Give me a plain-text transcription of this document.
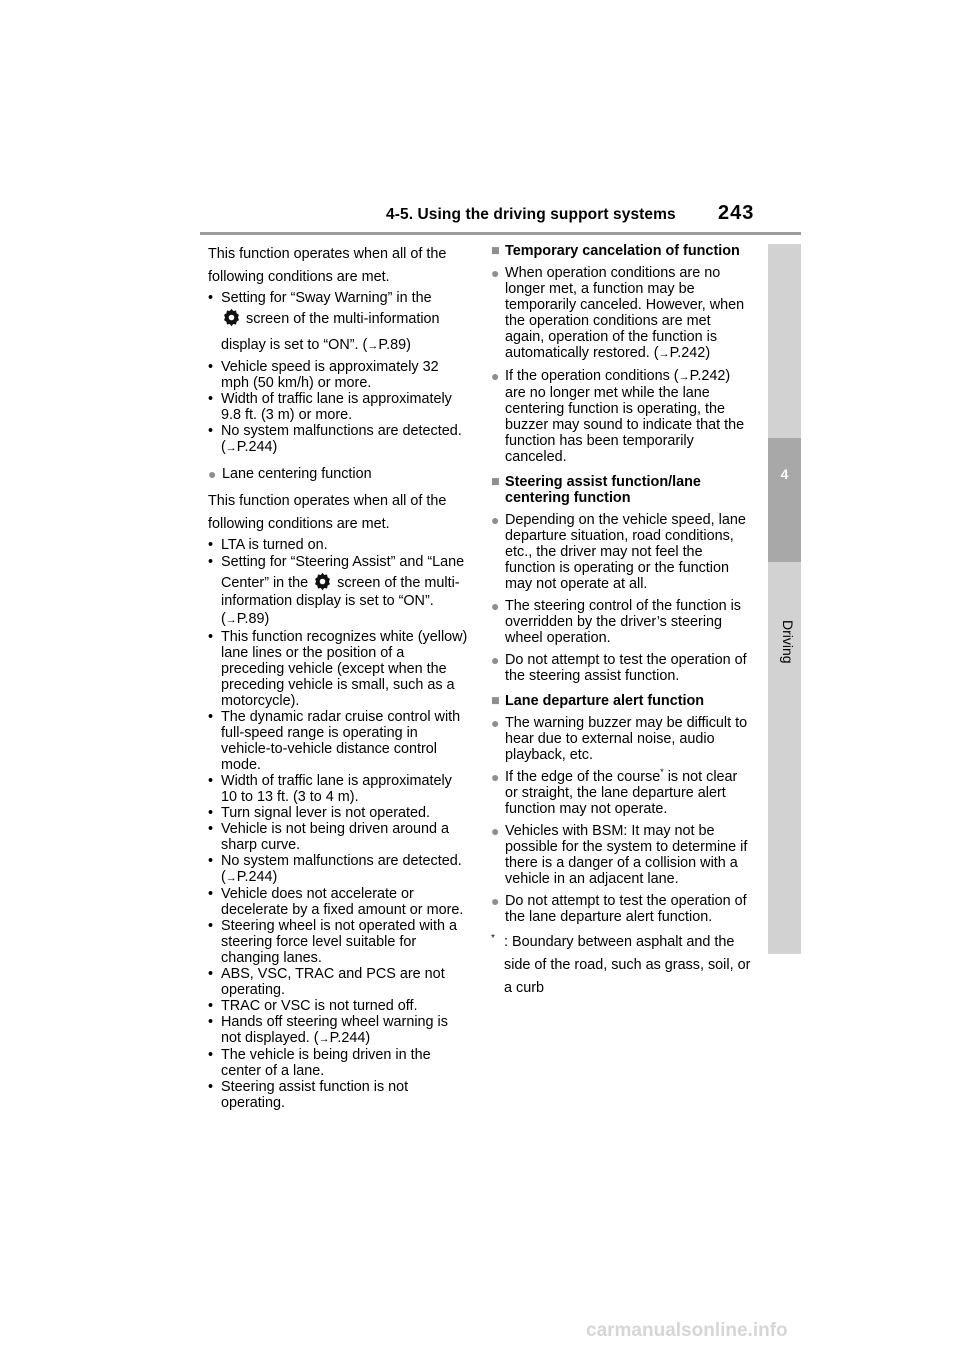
4-5. Using the driving support systems 243
4
Driving

This function operates when all of the following conditions are met.

• Setting for “Sway Warning” in the
screen of the multi-information display is set to “ON”. (→P.89)
• Vehicle speed is approximately 32 mph (50 km/h) or more.
• Width of traffic lane is approximately 9.8 ft. (3 m) or more.
• No system malfunctions are detected. (→P.244)
● Lane centering function

This function operates when all of the following conditions are met.

• LTA is turned on.
• Setting for “Steering Assist” and “Lane Center” in the  screen of the multi-information display is set to “ON”. (→P.89)
• This function recognizes white (yellow) lane lines or the position of a preceding vehicle (except when the preceding vehicle is small, such as a motorcycle).
• The dynamic radar cruise control with full-speed range is operating in vehicle-to-vehicle distance control mode.
• Width of traffic lane is approximately 10 to 13 ft. (3 to 4 m).
• Turn signal lever is not operated.
• Vehicle is not being driven around a sharp curve.
• No system malfunctions are detected. (→P.244)
• Vehicle does not accelerate or decelerate by a fixed amount or more.
• Steering wheel is not operated with a steering force level suitable for changing lanes.
• ABS, VSC, TRAC and PCS are not operating.
• TRAC or VSC is not turned off.
• Hands off steering wheel warning is not displayed. (→P.244)
• The vehicle is being driven in the center of a lane.
• Steering assist function is not operating.
■ Temporary cancelation of function
● When operation conditions are no longer met, a function may be temporarily canceled. However, when the operation conditions are met again, operation of the function is automatically restored. (→P.242)
● If the operation conditions (→P.242) are no longer met while the lane centering function is operating, the buzzer may sound to indicate that the function has been temporarily canceled.
■ Steering assist function/lane centering function
● Depending on the vehicle speed, lane departure situation, road conditions, etc., the driver may not feel the function is operating or the function may not operate at all.
● The steering control of the function is overridden by the driver’s steering wheel operation.
● Do not attempt to test the operation of the steering assist function.
■ Lane departure alert function
● The warning buzzer may be difficult to hear due to external noise, audio playback, etc.
● If the edge of the course* is not clear or straight, the lane departure alert function may not operate.
● Vehicles with BSM: It may not be possible for the system to determine if there is a danger of a collision with a vehicle in an adjacent lane.
● Do not attempt to test the operation of the lane departure alert function.
* : Boundary between asphalt and the side of the road, such as grass, soil, or a curb
carmanualsonline.info
